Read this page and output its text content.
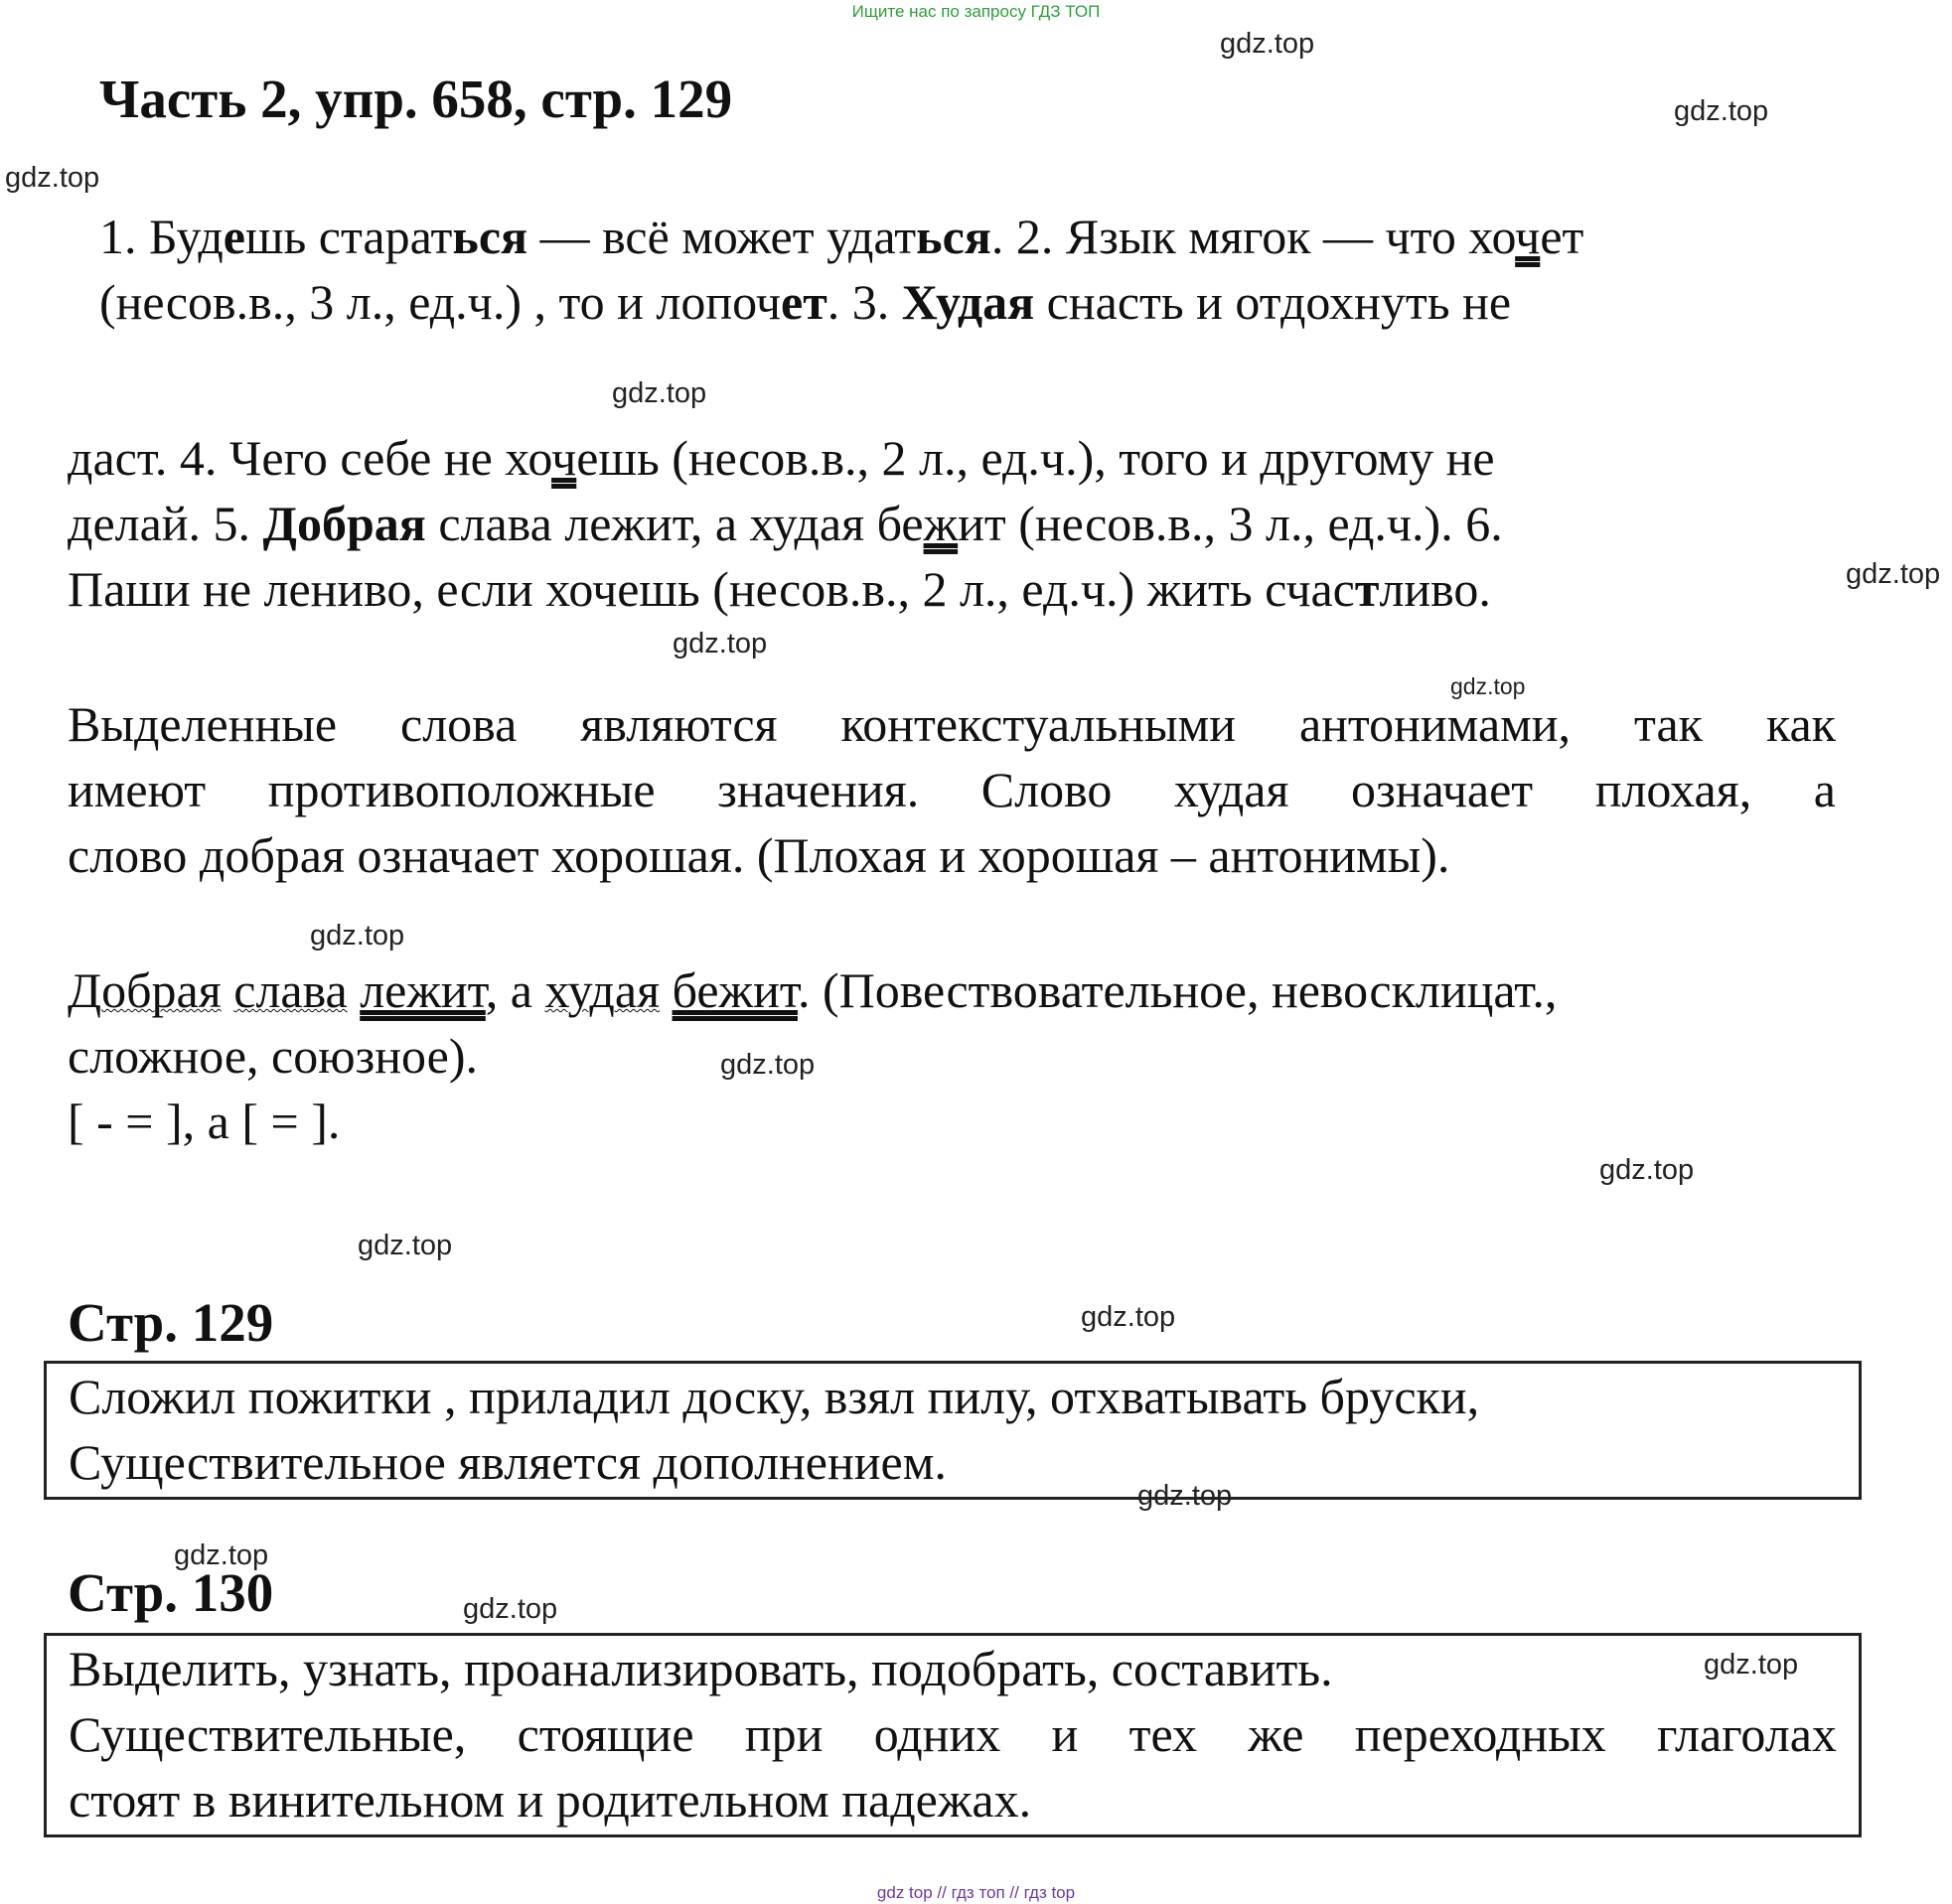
Ищите нас по запросу ГДЗ ТОП
Часть 2, упр. 658, стр. 129
gdz.top
gdz.top
gdz.top
gdz.top
gdz.top
gdz.top
gdz.top
gdz.top
gdz.top
gdz.top
gdz.top
gdz.top
gdz.top
gdz.top
gdz.top
gdz.top
1. Будешь стараться — всё может удаться. 2. Язык мягок — что хочет
(несов.в., 3 л., ед.ч.) , то и лопочет. 3. Худая снасть и отдохнуть не
даст. 4. Чего себе не хочешь (несов.в., 2 л., ед.ч.), того и другому не
делай. 5. Добрая слава лежит, а худая бежит (несов.в., 3 л., ед.ч.). 6.
Паши не лениво, если хочешь (несов.в., 2 л., ед.ч.) жить счастливо.
Выделенные слова являются контекстуальными антонимами, так как
имеют противоположные значения. Слово худая означает плохая, а
слово добрая означает хорошая. (Плохая и хорошая – антонимы).
Добрая слава лежит, а худая бежит. (Повествовательное, невосклицат.,
сложное, союзное).
[ - = ], а [ = ].
Стр. 129
Сложил пожитки , приладил доску, взял пилу, отхватывать бруски,
Существительное является дополнением.
Стр. 130
Выделить, узнать, проанализировать, подобрать, составить.
Существительные, стоящие при одних и тех же переходных глаголах
стоят в винительном и родительном падежах.
gdz top // гдз топ // гдз top
